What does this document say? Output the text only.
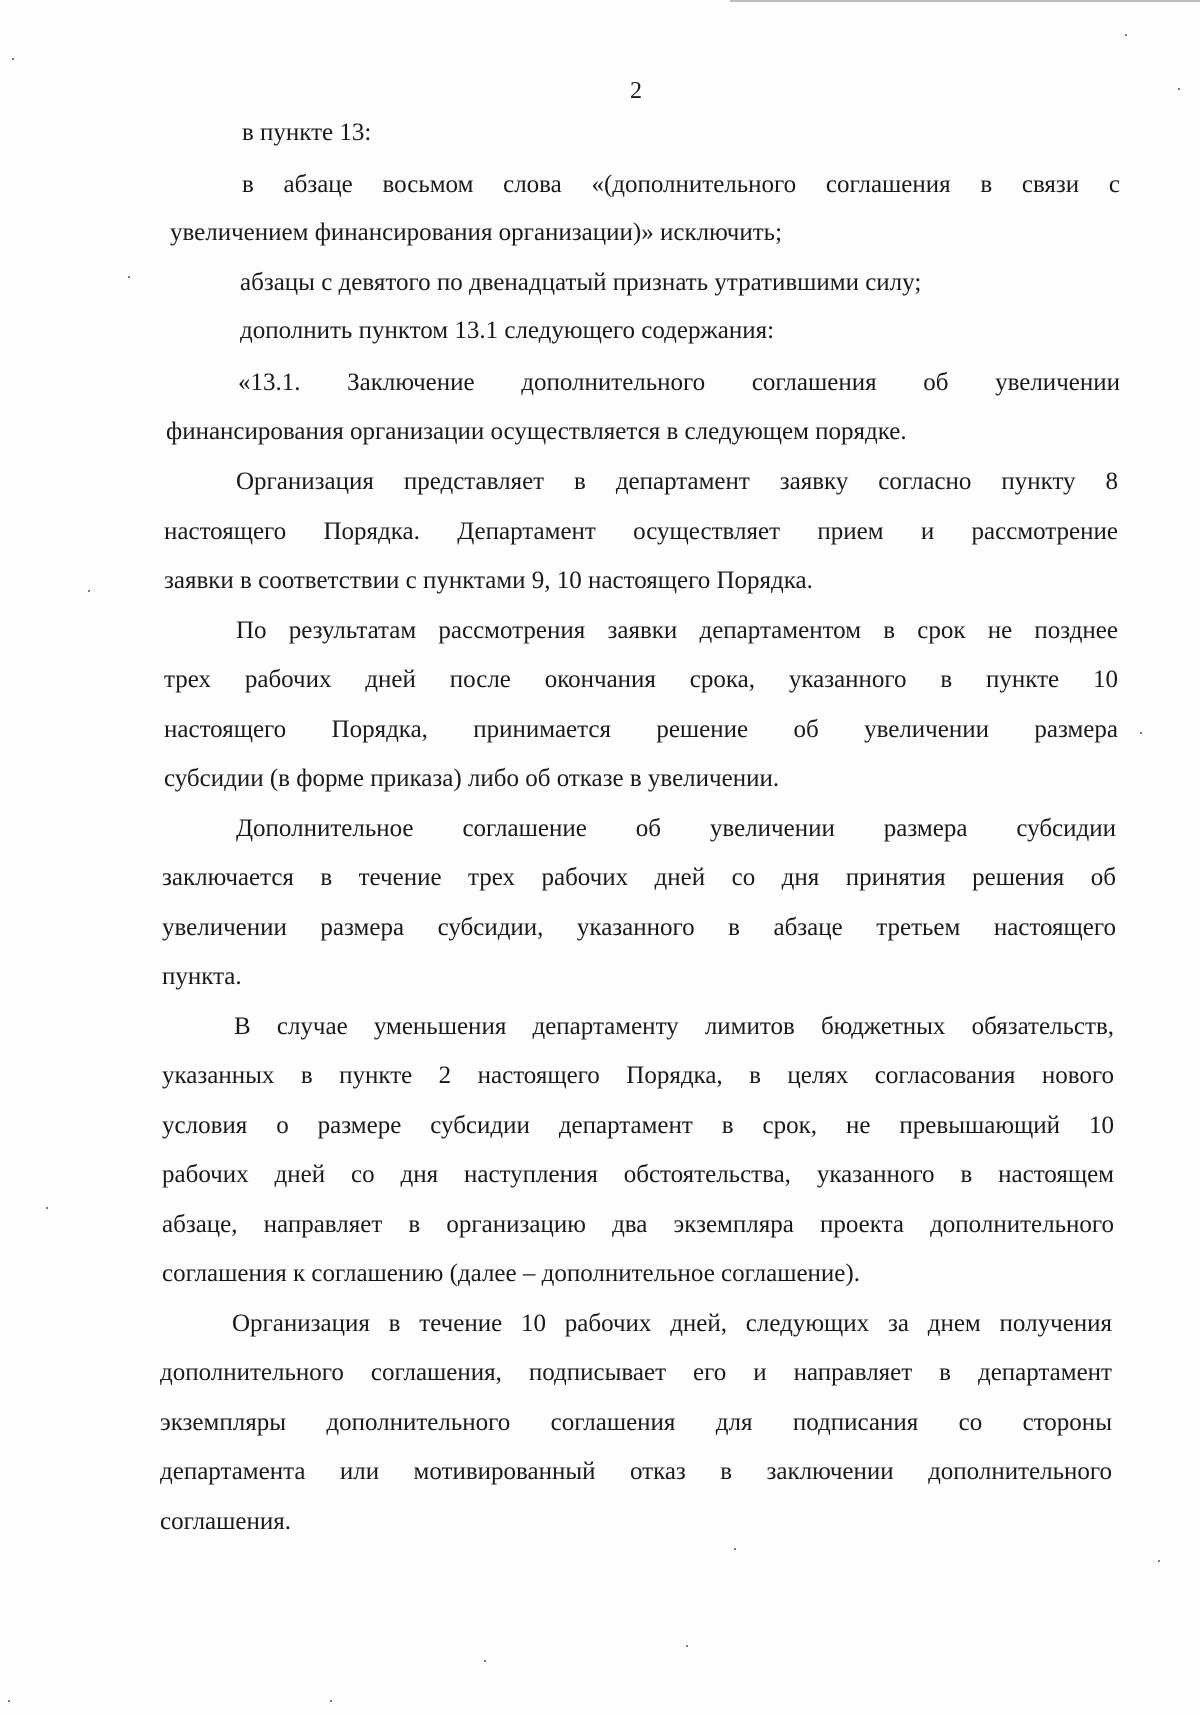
2
в пункте 13:
в абзаце восьмом слова «(дополнительного соглашения в связи с
увеличением финансирования организации)» исключить;
абзацы с девятого по двенадцатый признать утратившими силу;
дополнить пунктом 13.1 следующего содержания:
«13.1. Заключение дополнительного соглашения об увеличении
финансирования организации осуществляется в следующем порядке.
Организация представляет в департамент заявку согласно пункту 8
настоящего Порядка. Департамент осуществляет прием и рассмотрение
заявки в соответствии с пунктами 9, 10 настоящего Порядка.
По результатам рассмотрения заявки департаментом в срок не позднее
трех рабочих дней после окончания срока, указанного в пункте 10
настоящего Порядка, принимается решение об увеличении размера
субсидии (в форме приказа) либо об отказе в увеличении.
Дополнительное соглашение об увеличении размера субсидии
заключается в течение трех рабочих дней со дня принятия решения об
увеличении размера субсидии, указанного в абзаце третьем настоящего
пункта.
В случае уменьшения департаменту лимитов бюджетных обязательств,
указанных в пункте 2 настоящего Порядка, в целях согласования нового
условия о размере субсидии департамент в срок, не превышающий 10
рабочих дней со дня наступления обстоятельства, указанного в настоящем
абзаце, направляет в организацию два экземпляра проекта дополнительного
соглашения к соглашению (далее – дополнительное соглашение).
Организация в течение 10 рабочих дней, следующих за днем получения
дополнительного соглашения, подписывает его и направляет в департамент
экземпляры дополнительного соглашения для подписания со стороны
департамента или мотивированный отказ в заключении дополнительного
соглашения.
